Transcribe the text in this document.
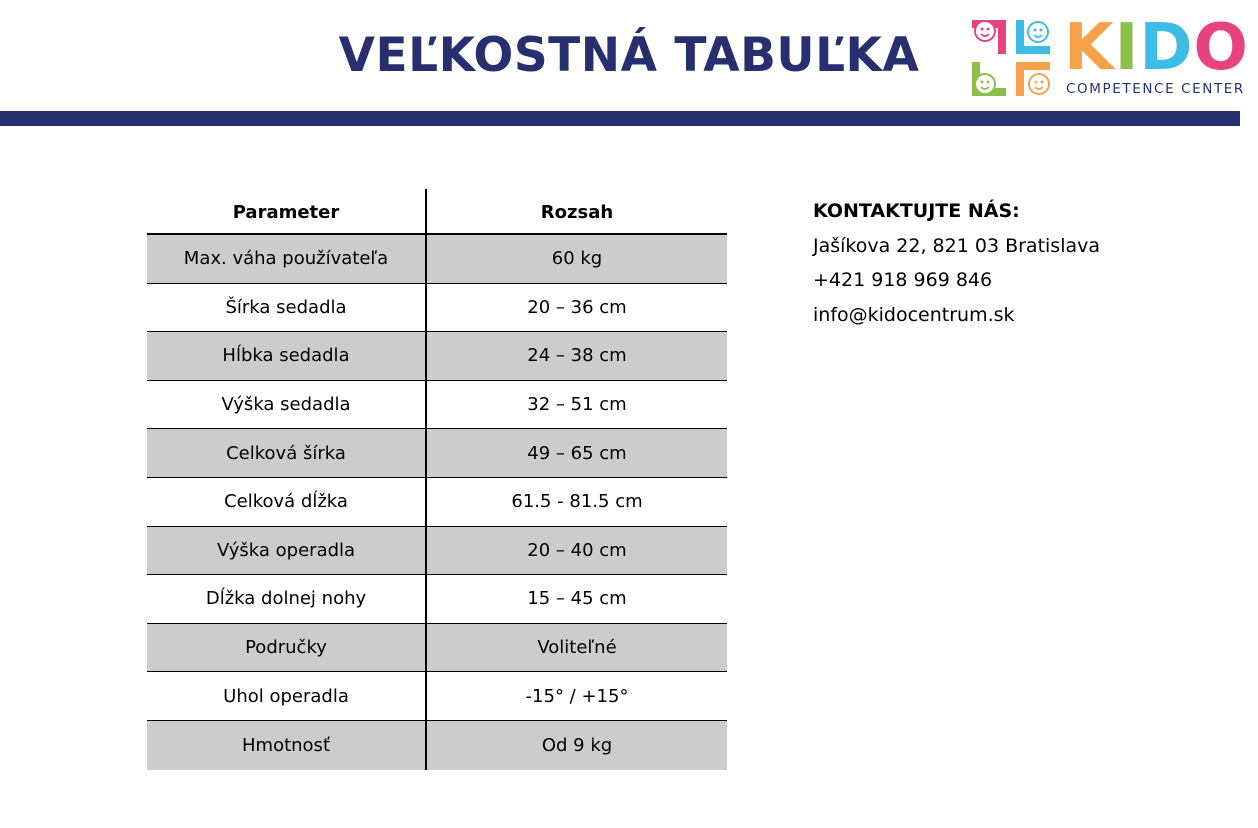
VEĽKOSTNÁ TABUĽKA	KIDO
COMPETENCE CENTER
Parameter	Rozsah
Max. váha používateľa	60 kg
Šírka sedadla	20 – 36 cm
Hĺbka sedadla	24 – 38 cm
Výška sedadla	32 – 51 cm
Celková šírka	49 – 65 cm
Celková dĺžka	61.5 - 81.5 cm
Výška operadla	20 – 40 cm
Dĺžka dolnej nohy	15 – 45 cm
Područky	Voliteľné
Uhol operadla	-15° / +15°
Hmotnosť	Od 9 kg
KONTAKTUJTE NÁS:
Jašíkova 22, 821 03 Bratislava
+421 918 969 846
info@kidocentrum.sk
